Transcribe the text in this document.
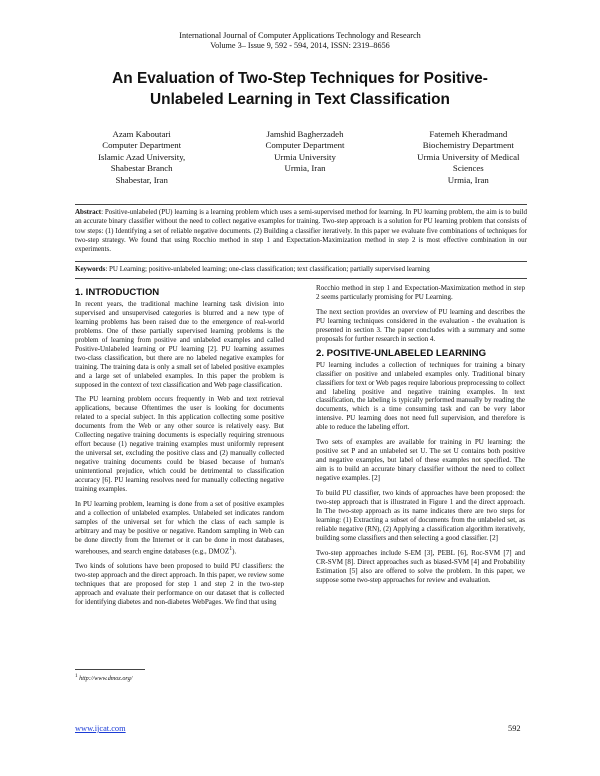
International Journal of Computer Applications Technology and Research
Volume 3– Issue 9, 592 - 594, 2014, ISSN: 2319–8656
An Evaluation of Two-Step Techniques for Positive-
Unlabeled Learning in Text Classification
Azam Kaboutari
Computer Department
Islamic Azad University,
Shabestar Branch
Shabestar, Iran
Jamshid Bagherzadeh
Computer Department
Urmia University
Urmia, Iran
Fatemeh Kheradmand
Biochemistry Department
Urmia University of Medical
Sciences
Urmia, Iran

Abstract: Positive-unlabeled (PU) learning is a learning problem which uses a semi-supervised method for learning. In PU learning problem, the aim is to build an accurate binary classifier without the need to collect negative examples for training. Two-step approach is a solution for PU learning problem that consists of tow steps: (1) Identifying a set of reliable negative documents. (2) Building a classifier iteratively. In this paper we evaluate five combinations of techniques for two-step strategy. We found that using Rocchio method in step 1 and Expectation-Maximization method in step 2 is most effective combination in our experiments.

Keywords: PU Learning; positive-unlabeled learning; one-class classification; text classification; partially supervised learning

1. INTRODUCTION

In recent years, the traditional machine learning task division into supervised and unsupervised categories is blurred and a new type of learning problems has been raised due to the emergence of real-world problems. One of these partially supervised learning problems is the problem of learning from positive and unlabeled examples and called Positive-Unlabeled learning or PU learning [2]. PU learning assumes two-class classification, but there are no labeled negative examples for training. The training data is only a small set of labeled positive examples and a large set of unlabeled examples. In this paper the problem is supposed in the context of text classification and Web page classification.

The PU learning problem occurs frequently in Web and text retrieval applications, because Oftentimes the user is looking for documents related to a special subject. In this application collecting some positive documents from the Web or any other source is relatively easy. But Collecting negative training documents is especially requiring strenuous effort because (1) negative training examples must uniformly represent the universal set, excluding the positive class and (2) manually collected negative training documents could be biased because of human's unintentional prejudice, which could be detrimental to classification accuracy [6]. PU learning resolves need for manually collecting negative training examples.

In PU learning problem, learning is done from a set of positive examples and a collection of unlabeled examples. Unlabeled set indicates random samples of the universal set for which the class of each sample is arbitrary and may be positive or negative. Random sampling in Web can be done directly from the Internet or it can be done in most databases, warehouses, and search engine databases (e.g., DMOZ$^1$).

Two kinds of solutions have been proposed to build PU classifiers: the two-step approach and the direct approach. In this paper, we review some techniques that are proposed for step 1 and step 2 in the two-step approach and evaluate their performance on our dataset that is collected for identifying diabetes and non-diabetes WebPages. We find that using

Rocchio method in step 1 and Expectation-Maximization method in step 2 seems particularly promising for PU Learning.

The next section provides an overview of PU learning and describes the PU learning techniques considered in the evaluation - the evaluation is presented in section 3. The paper concludes with a summary and some proposals for further research in section 4.

2. POSITIVE-UNLABELED LEARNING

PU learning includes a collection of techniques for training a binary classifier on positive and unlabeled examples only. Traditional binary classifiers for text or Web pages require laborious preprocessing to collect and labeling positive and negative training examples. In text classification, the labeling is typically performed manually by reading the documents, which is a time consuming task and can be very labor intensive. PU learning does not need full supervision, and therefore is able to reduce the labeling effort.

Two sets of examples are available for training in PU learning: the positive set P and an unlabeled set U. The set U contains both positive and negative examples, but label of these examples not specified. The aim is to build an accurate binary classifier without the need to collect negative examples. [2]

To build PU classifier, two kinds of approaches have been proposed: the two-step approach that is illustrated in Figure 1 and the direct approach. In The two-step approach as its name indicates there are two steps for learning: (1) Extracting a subset of documents from the unlabeled set, as reliable negative (RN), (2) Applying a classification algorithm iteratively, building some classifiers and then selecting a good classifier. [2]

Two-step approaches include S-EM [3], PEBL [6], Roc-SVM [7] and CR-SVM [8]. Direct approaches such as biased-SVM [4] and Probability Estimation [5] also are offered to solve the problem. In this paper, we suppose some two-step approaches for review and evaluation.

$^1$ http://www.dmoz.org/
www.ijcat.com	592
